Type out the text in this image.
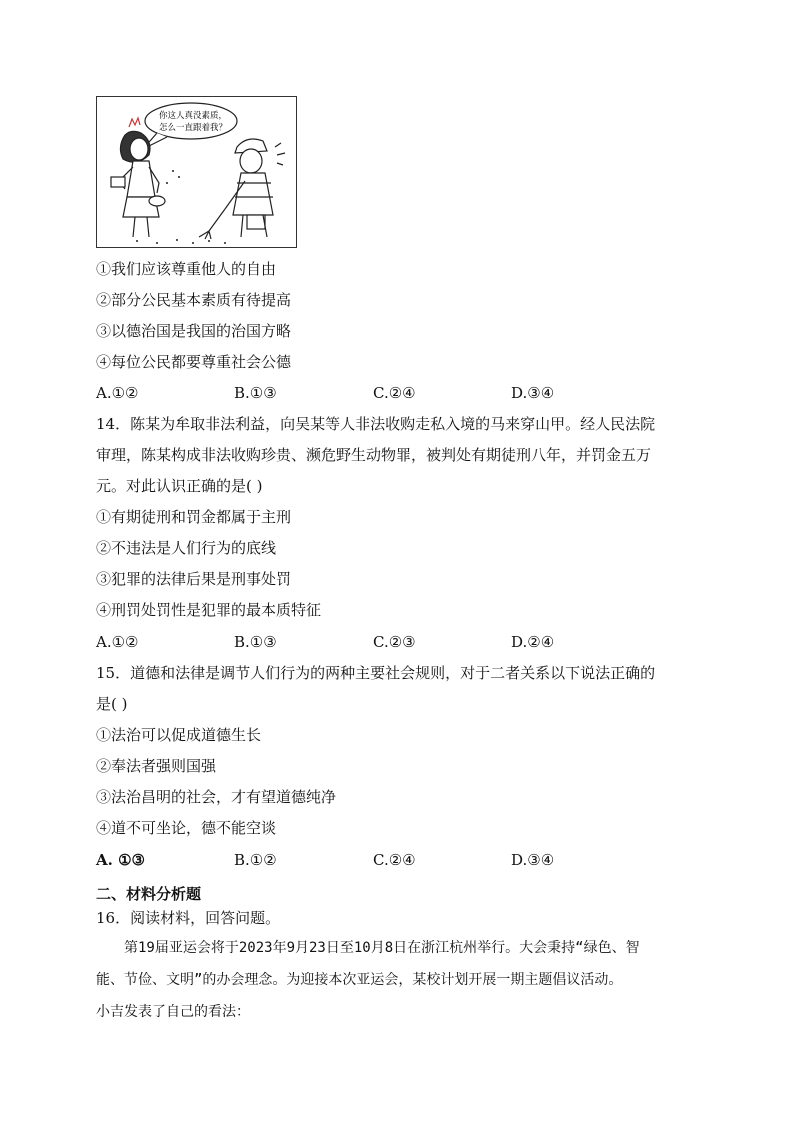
你这人真没素质，
怎么一直跟着我？
①我们应该尊重他人的自由
②部分公民基本素质有待提高
③以德治国是我国的治国方略
④每位公民都要尊重社会公德
A.①②	B.①③	C.②④	D.③④
14．陈某为牟取非法利益，向吴某等人非法收购走私入境的马来穿山甲。经人民法院
审理，陈某构成非法收购珍贵、濒危野生动物罪，被判处有期徒刑八年，并罚金五万
元。对此认识正确的是( )
①有期徒刑和罚金都属于主刑
②不违法是人们行为的底线
③犯罪的法律后果是刑事处罚
④刑罚处罚性是犯罪的最本质特征
A.①②	B.①③	C.②③	D.②④
15．道德和法律是调节人们行为的两种主要社会规则，对于二者关系以下说法正确的
是( )
①法治可以促成道德生长
②奉法者强则国强
③法治昌明的社会，才有望道德纯净
④道不可坐论，德不能空谈
A. ①③	B.①②	C.②④	D.③④
二、材料分析题
16．阅读材料，回答问题。
　　第19届亚运会将于2023年9月23日至10月8日在浙江杭州举行。大会秉持“绿色、智
能、节俭、文明”的办会理念。为迎接本次亚运会，某校计划开展一期主题倡议活动。
小吉发表了自己的看法：
